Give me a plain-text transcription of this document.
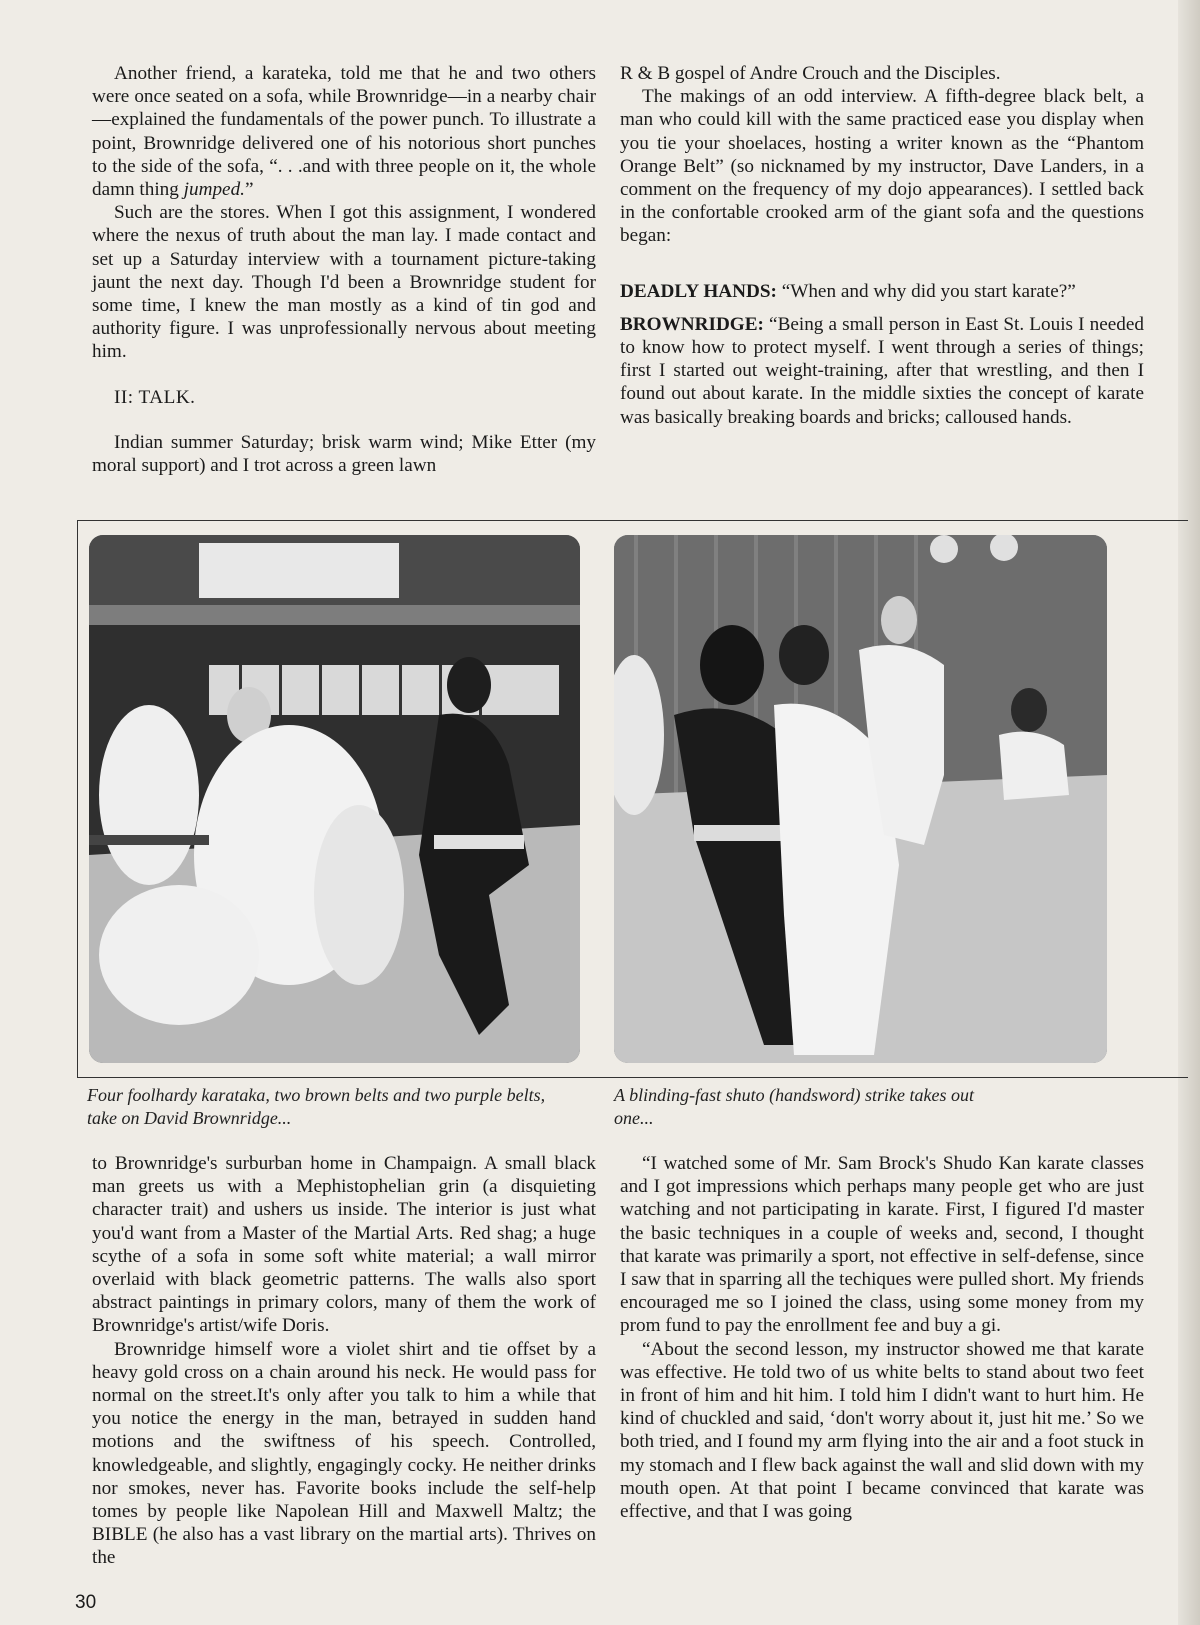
Another friend, a karateka, told me that he and two others were once seated on a sofa, while Brownridge—in a nearby chair—explained the fundamentals of the power punch. To illustrate a point, Brownridge delivered one of his notorious short punches to the side of the sofa, “. . .and with three people on it, the whole damn thing jumped.”

Such are the stores. When I got this assignment, I wondered where the nexus of truth about the man lay. I made contact and set up a Saturday interview with a tournament picture-taking jaunt the next day. Though I'd been a Brownridge student for some time, I knew the man mostly as a kind of tin god and authority figure. I was unprofessionally nervous about meeting him.

II: TALK.

Indian summer Saturday; brisk warm wind; Mike Etter (my moral support) and I trot across a green lawn

R & B gospel of Andre Crouch and the Disciples.

The makings of an odd interview. A fifth-degree black belt, a man who could kill with the same practiced ease you display when you tie your shoelaces, hosting a writer known as the “Phantom Orange Belt” (so nicknamed by my instructor, Dave Landers, in a comment on the frequency of my dojo appearances). I settled back in the confortable crooked arm of the giant sofa and the questions began:

DEADLY HANDS: “When and why did you start karate?”

BROWNRIDGE: “Being a small person in East St. Louis I needed to know how to protect myself. I went through a series of things; first I started out weight-training, after that wrestling, and then I found out about karate. In the middle sixties the concept of karate was basically breaking boards and bricks; calloused hands.

Four foolhardy karataka, two brown belts and two purple belts, take on David Brownridge...
A blinding-fast shuto (handsword) strike takes out one...

to Brownridge's surburban home in Champaign. A small black man greets us with a Mephistophelian grin (a disquieting character trait) and ushers us inside. The interior is just what you'd want from a Master of the Martial Arts. Red shag; a huge scythe of a sofa in some soft white material; a wall mirror overlaid with black geometric patterns. The walls also sport abstract paintings in primary colors, many of them the work of Brownridge's artist/wife Doris.

Brownridge himself wore a violet shirt and tie offset by a heavy gold cross on a chain around his neck. He would pass for normal on the street.It's only after you talk to him a while that you notice the energy in the man, betrayed in sudden hand motions and the swiftness of his speech. Controlled, knowledgeable, and slightly, engagingly cocky. He neither drinks nor smokes, never has. Favorite books include the self-help tomes by people like Napolean Hill and Maxwell Maltz; the BIBLE (he also has a vast library on the martial arts). Thrives on the

“I watched some of Mr. Sam Brock's Shudo Kan karate classes and I got impressions which perhaps many people get who are just watching and not participating in karate. First, I figured I'd master the basic techniques in a couple of weeks and, second, I thought that karate was primarily a sport, not effective in self-defense, since I saw that in sparring all the techiques were pulled short. My friends encouraged me so I joined the class, using some money from my prom fund to pay the enrollment fee and buy a gi.

“About the second lesson, my instructor showed me that karate was effective. He told two of us white belts to stand about two feet in front of him and hit him. I told him I didn't want to hurt him. He kind of chuckled and said, ‘don't worry about it, just hit me.’ So we both tried, and I found my arm flying into the air and a foot stuck in my stomach and I flew back against the wall and slid down with my mouth open. At that point I became convinced that karate was effective, and that I was going

30
